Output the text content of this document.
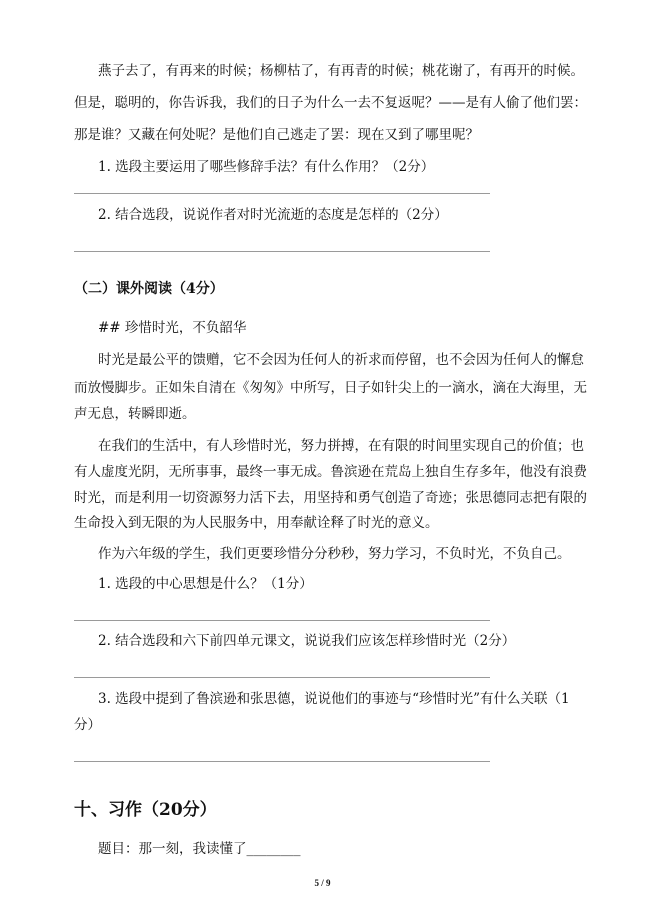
燕子去了，有再来的时候；杨柳枯了，有再青的时候；桃花谢了，有再开的时候。
但是，聪明的，你告诉我，我们的日子为什么一去不复返呢？——是有人偷了他们罢：
那是谁？又藏在何处呢？是他们自己逃走了罢：现在又到了哪里呢？
1. 选段主要运用了哪些修辞手法？有什么作用？（2分）
2. 结合选段，说说作者对时光流逝的态度是怎样的（2分）
（二）课外阅读（4分）
## 珍惜时光，不负韶华
时光是最公平的馈赠，它不会因为任何人的祈求而停留，也不会因为任何人的懈怠
而放慢脚步。正如朱自清在《匆匆》中所写，日子如针尖上的一滴水，滴在大海里，无
声无息，转瞬即逝。
在我们的生活中，有人珍惜时光，努力拼搏，在有限的时间里实现自己的价值；也
有人虚度光阴，无所事事，最终一事无成。鲁滨逊在荒岛上独自生存多年，他没有浪费
时光，而是利用一切资源努力活下去，用坚持和勇气创造了奇迹；张思德同志把有限的
生命投入到无限的为人民服务中，用奉献诠释了时光的意义。
作为六年级的学生，我们更要珍惜分分秒秒，努力学习，不负时光，不负自己。
1. 选段的中心思想是什么？（1分）
2. 结合选段和六下前四单元课文，说说我们应该怎样珍惜时光（2分）
3. 选段中提到了鲁滨逊和张思德，说说他们的事迹与“珍惜时光”有什么关联（1
分）
十、习作（20分）
题目：那一刻，我读懂了________
5 / 9
